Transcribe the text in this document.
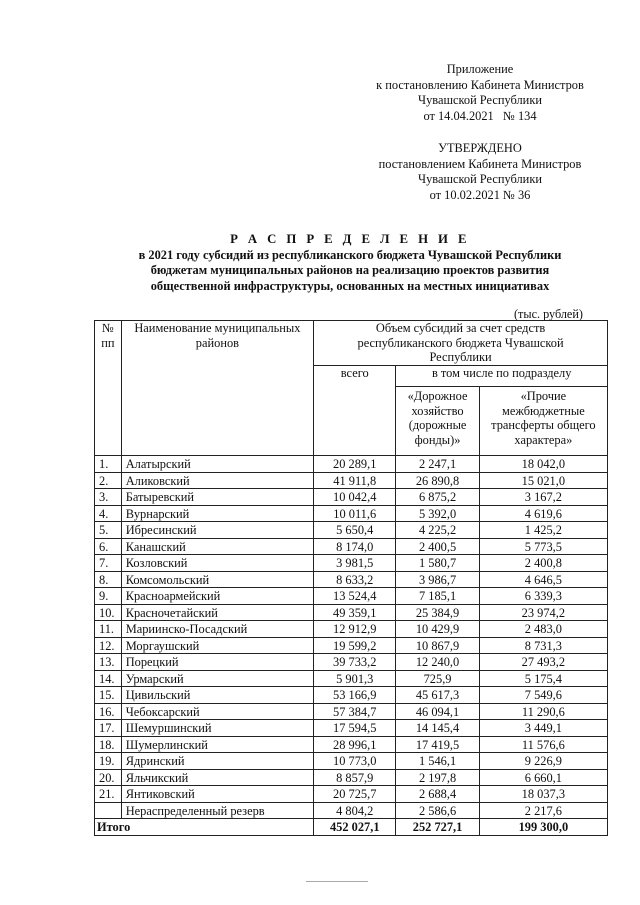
Приложение
к постановлению Кабинета Министров
Чувашской Республики
от 14.04.2021   № 134
УТВЕРЖДЕНО
постановлением Кабинета Министров
Чувашской Республики
от 10.02.2021 № 36
Р А С П Р Е Д Е Л Е Н И Е
в 2021 году субсидий из республиканского бюджета Чувашской Республики
бюджетам муниципальных районов на реализацию проектов развития
общественной инфраструктуры, основанных на местных инициативах
(тыс. рублей)
№ пп	Наименование муниципальных районов	Объем субсидий за счет средств республиканского бюджета Чувашской Республики		
		всего	в том числе по подразделу	
			«Дорожное хозяйство (дорожные фонды)»	«Прочие межбюджетные трансферты общего характера»
1.	Алатырский	20 289,1	2 247,1	18 042,0
2.	Аликовский	41 911,8	26 890,8	15 021,0
3.	Батыревский	10 042,4	6 875,2	3 167,2
4.	Вурнарский	10 011,6	5 392,0	4 619,6
5.	Ибресинский	5 650,4	4 225,2	1 425,2
6.	Канашский	8 174,0	2 400,5	5 773,5
7.	Козловский	3 981,5	1 580,7	2 400,8
8.	Комсомольский	8 633,2	3 986,7	4 646,5
9.	Красноармейский	13 524,4	7 185,1	6 339,3
10.	Красночетайский	49 359,1	25 384,9	23 974,2
11.	Мариинско-Посадский	12 912,9	10 429,9	2 483,0
12.	Моргаушский	19 599,2	10 867,9	8 731,3
13.	Порецкий	39 733,2	12 240,0	27 493,2
14.	Урмарский	5 901,3	725,9	5 175,4
15.	Цивильский	53 166,9	45 617,3	7 549,6
16.	Чебоксарский	57 384,7	46 094,1	11 290,6
17.	Шемуршинский	17 594,5	14 145,4	3 449,1
18.	Шумерлинский	28 996,1	17 419,5	11 576,6
19.	Ядринский	10 773,0	1 546,1	9 226,9
20.	Яльчикский	8 857,9	2 197,8	6 660,1
21.	Янтиковский	20 725,7	2 688,4	18 037,3
	Нераспределенный резерв	4 804,2	2 586,6	2 217,6
Итого		452 027,1	252 727,1	199 300,0
